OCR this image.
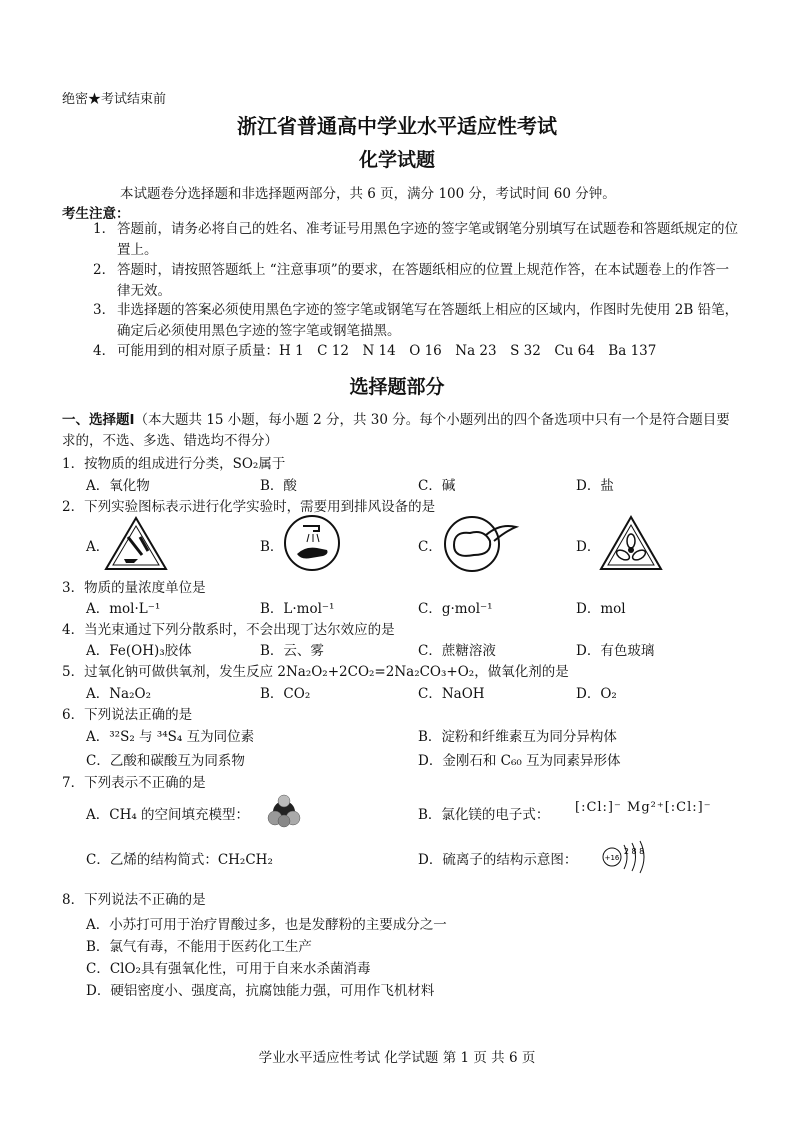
绝密★考试结束前
浙江省普通高中学业水平适应性考试
化学试题
本试题卷分选择题和非选择题两部分，共 6 页，满分 100 分，考试时间 60 分钟。
考生注意：
1． 答题前，请务必将自己的姓名、准考证号用黑色字迹的签字笔或钢笔分别填写在试题卷和答题纸规定的位置上。
2． 答题时，请按照答题纸上 “注意事项”的要求，在答题纸相应的位置上规范作答，在本试题卷上的作答一律无效。
3． 非选择题的答案必须使用黑色字迹的签字笔或钢笔写在答题纸上相应的区域内，作图时先使用 2B 铅笔，确定后必须使用黑色字迹的签字笔或钢笔描黑。
4． 可能用到的相对原子质量：H 1　C 12　N 14　O 16　Na 23　S 32　Cu 64　Ba 137
选择题部分
一、选择题Ⅰ（本大题共 15 小题，每小题 2 分，共 30 分。每个小题列出的四个备选项中只有一个是符合题目要求的，不选、多选、错选均不得分）
1．按物质的组成进行分类，SO₂属于
A．氧化物	B．酸	C．碱	D．盐
2．下列实验图标表示进行化学实验时，需要用到排风设备的是
A．	B．	C．	D．
3．物质的量浓度单位是
A．mol·L⁻¹	B．L·mol⁻¹	C．g·mol⁻¹	D．mol
4．当光束通过下列分散系时，不会出现丁达尔效应的是
A．Fe(OH)₃胶体	B．云、雾	C．蔗糖溶液	D．有色玻璃
5．过氧化钠可做供氧剂，发生反应 2Na₂O₂+2CO₂=2Na₂CO₃+O₂，做氧化剂的是
A．Na₂O₂	B．CO₂	C．NaOH	D．O₂
6．下列说法正确的是
A．³²S₂ 与 ³⁴S₄ 互为同位素	B．淀粉和纤维素互为同分异构体
C．乙酸和碳酸互为同系物	D．金刚石和 C₆₀ 互为同素异形体
7．下列表示不正确的是
A．CH₄ 的空间填充模型：	B．氯化镁的电子式： [:Cl:]⁻ Mg²⁺[:Cl:]⁻
C．乙烯的结构简式：CH₂CH₂	D．硫离子的结构示意图：	+16
2 8 8
8．下列说法不正确的是
A．小苏打可用于治疗胃酸过多，也是发酵粉的主要成分之一
B．氯气有毒，不能用于医药化工生产
C．ClO₂具有强氧化性，可用于自来水杀菌消毒
D．硬铝密度小、强度高，抗腐蚀能力强，可用作飞机材料
学业水平适应性考试 化学试题 第 1 页 共 6 页
